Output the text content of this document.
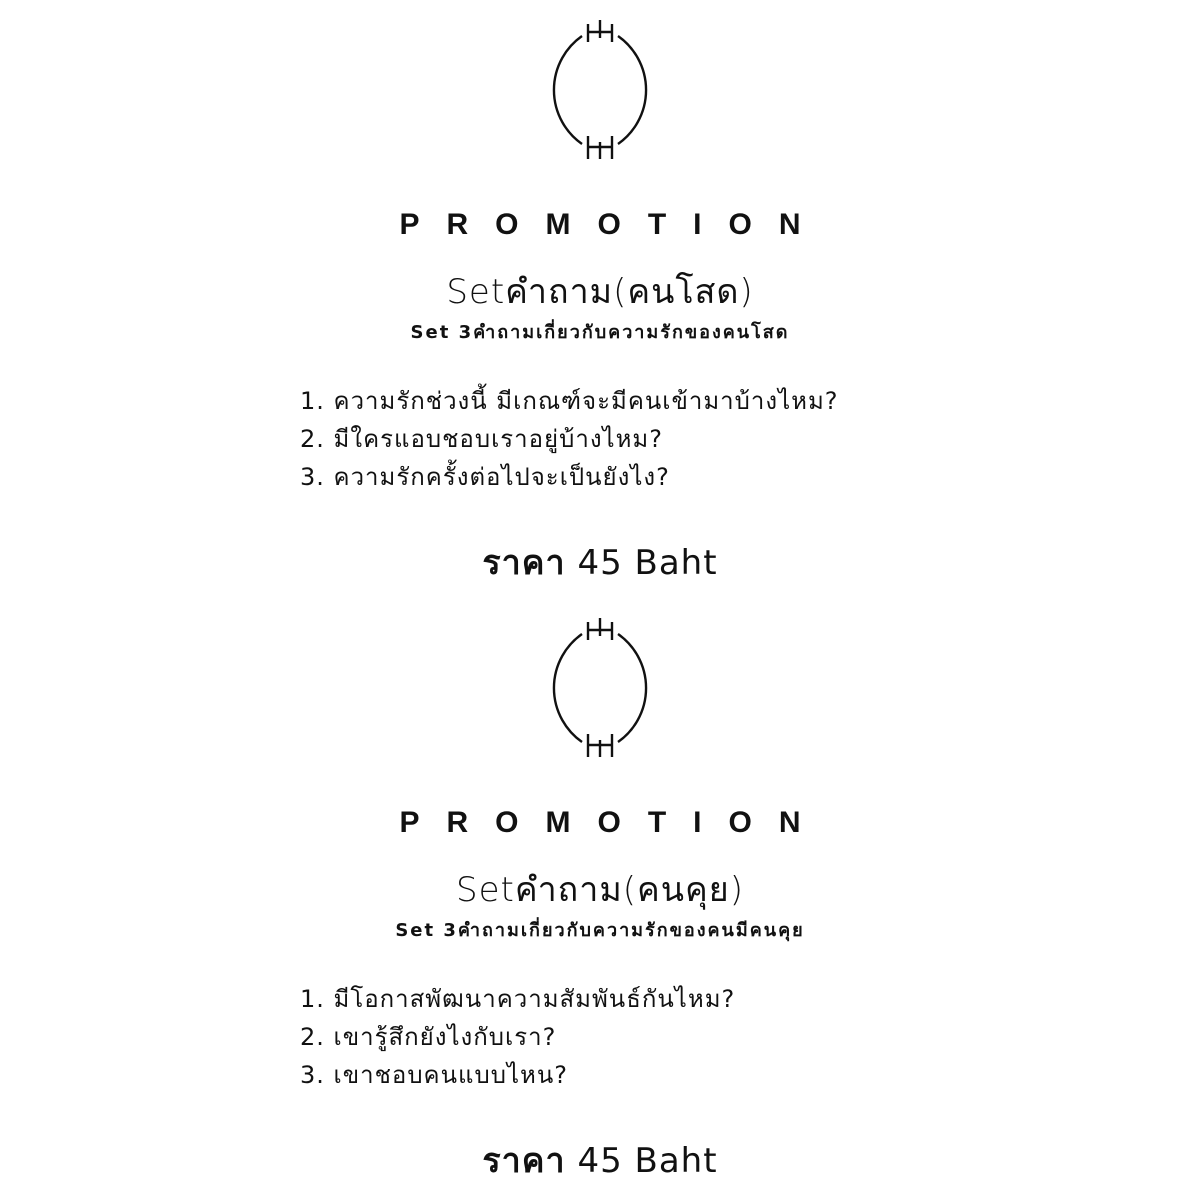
PROMOTION
Setคำถาม(คนโสด)
Set 3คำถามเกี่ยวกับความรักของคนโสด
1. ความรักช่วงนี้ มีเกณฑ์จะมีคนเข้ามาบ้างไหม?
2. มีใครแอบชอบเราอยู่บ้างไหม?
3. ความรักครั้งต่อไปจะเป็นยังไง?
ราคา 45 Baht
PROMOTION
Setคำถาม(คนคุย)
Set 3คำถามเกี่ยวกับความรักของคนมีคนคุย
1. มีโอกาสพัฒนาความสัมพันธ์กันไหม?
2. เขารู้สึกยังไงกับเรา?
3. เขาชอบคนแบบไหน?
ราคา 45 Baht
